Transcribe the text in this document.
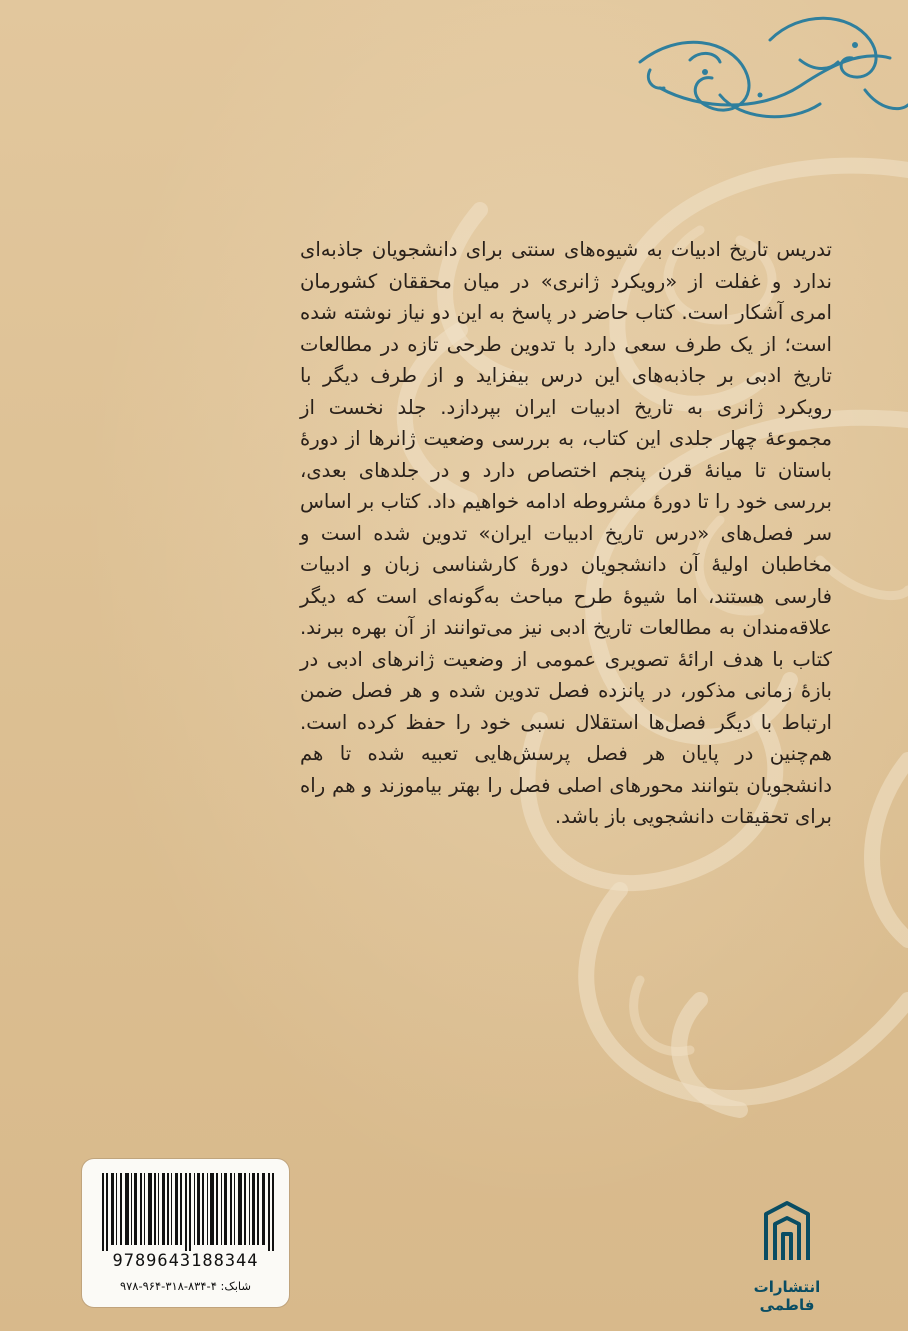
تدریس تاریخ ادبیات به شیوه‌های سنتی برای دانشجویان جاذبه‌ای ندارد و غفلت از «رویکرد ژانری» در میان محققان کشورمان امری آشکار است. کتاب حاضر در پاسخ به این دو نیاز نوشته شده است؛ از یک طرف سعی دارد با تدوین طرحی تازه در مطالعات تاریخ ادبی بر جاذبه‌های این درس بیفزاید و از طرف دیگر با رویکرد ژانری به تاریخ ادبیات ایران بپردازد. جلد نخست از مجموعهٔ چهار جلدی این کتاب، به بررسی وضعیت ژانرها از دورهٔ باستان تا میانهٔ قرن پنجم اختصاص دارد و در جلدهای بعدی، بررسی خود را تا دورهٔ مشروطه ادامه خواهیم داد. کتاب بر اساس سر فصل‌های «درس تاریخ ادبیات ایران» تدوین شده است و مخاطبان اولیهٔ آن دانشجویان دورهٔ کارشناسی زبان و ادبیات فارسی هستند، اما شیوهٔ طرح مباحث به‌گونه‌ای است که دیگر علاقه‌مندان به مطالعات تاریخ ادبی نیز می‌توانند از آن بهره ببرند. کتاب با هدف ارائهٔ تصویری عمومی از وضعیت ژانرهای ادبی در بازهٔ زمانی مذکور، در پانزده فصل تدوین شده و هر فصل ضمن ارتباط با دیگر فصل‌ها استقلال نسبی خود را حفظ کرده است. هم‌چنین در پایان هر فصل پرسش‌هایی تعبیه شده تا هم دانشجویان بتوانند محورهای اصلی فصل را بهتر بیاموزند و هم راه برای تحقیقات دانشجویی باز باشد.

9789643188344
شابک: ۴-۸۳۴-۳۱۸-۹۶۴-۹۷۸	انتشارات فاطمی
